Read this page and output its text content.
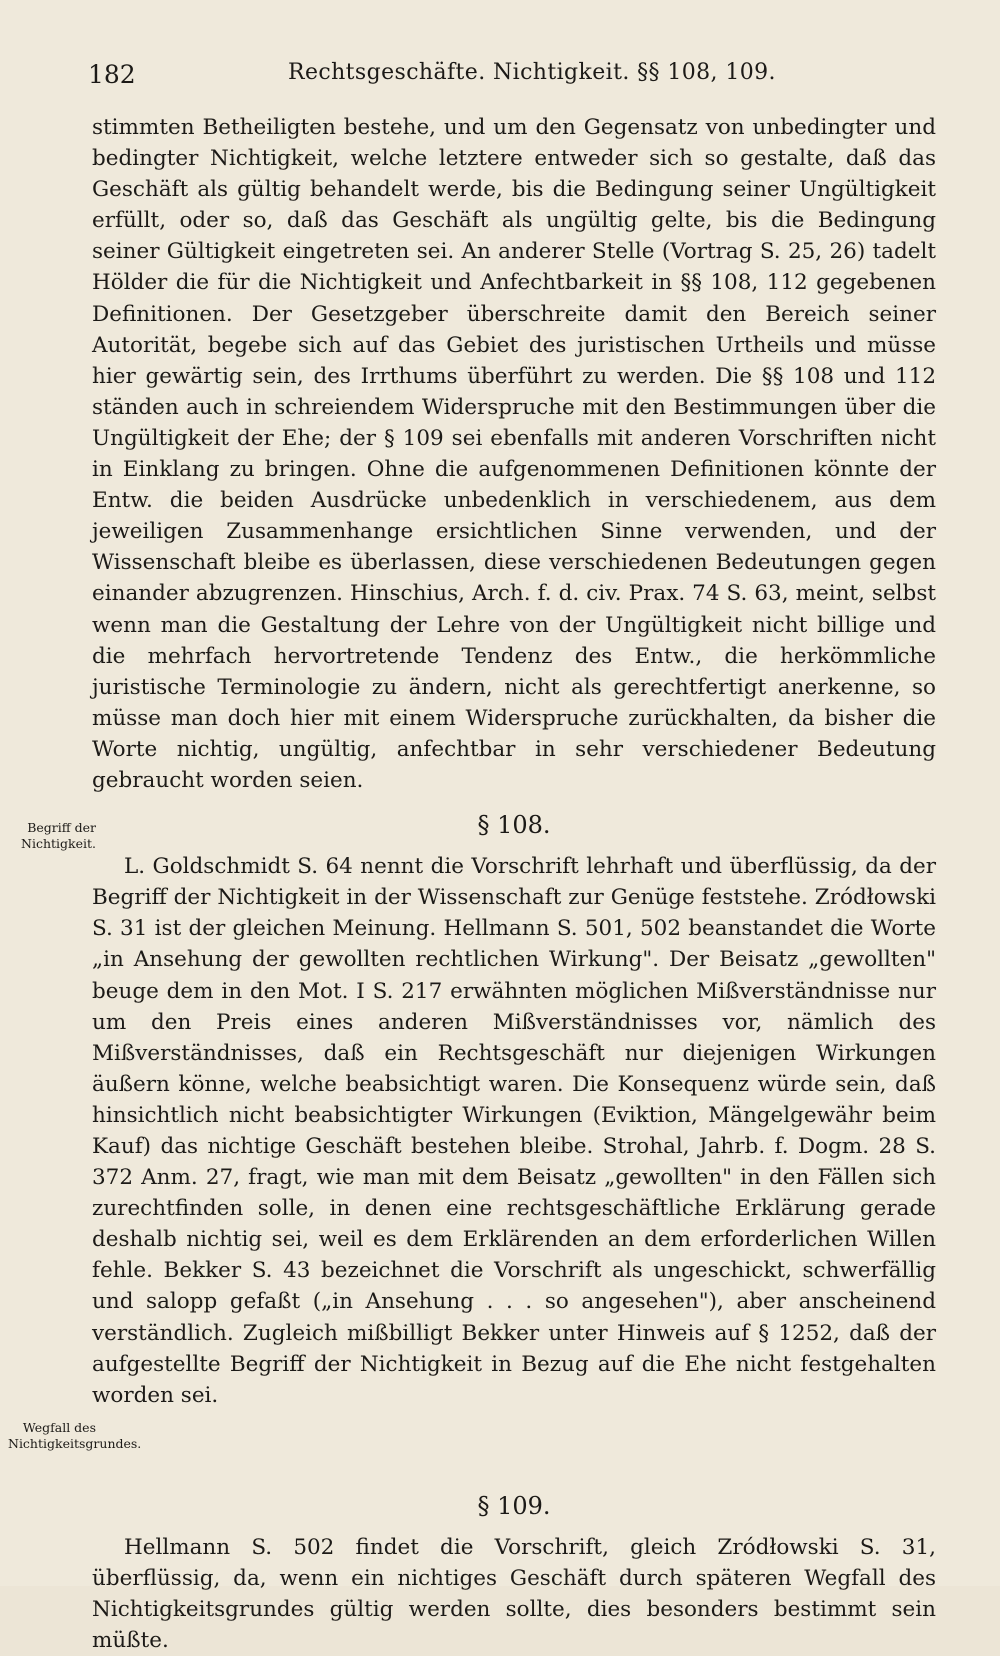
182	Rechtsgeschäfte. Nichtigkeit. §§ 108, 109.

stimmten Betheiligten bestehe, und um den Gegensatz von unbedingter und bedingter Nichtigkeit, welche letztere entweder sich so gestalte, daß das Geschäft als gültig behandelt werde, bis die Bedingung seiner Ungültigkeit erfüllt, oder so, daß das Geschäft als ungültig gelte, bis die Bedingung seiner Gültigkeit eingetreten sei. An anderer Stelle (Vortrag S. 25, 26) tadelt Hölder die für die Nichtigkeit und Anfechtbarkeit in §§ 108, 112 gegebenen Definitionen. Der Gesetzgeber überschreite damit den Bereich seiner Autorität, begebe sich auf das Gebiet des juristischen Urtheils und müsse hier gewärtig sein, des Irrthums überführt zu werden. Die §§ 108 und 112 ständen auch in schreiendem Widerspruche mit den Bestimmungen über die Ungültigkeit der Ehe; der § 109 sei ebenfalls mit anderen Vorschriften nicht in Einklang zu bringen. Ohne die aufgenommenen Definitionen könnte der Entw. die beiden Ausdrücke unbedenklich in verschiedenem, aus dem jeweiligen Zusammenhange ersichtlichen Sinne verwenden, und der Wissenschaft bleibe es überlassen, diese verschiedenen Bedeutungen gegen einander abzugrenzen. Hinschius, Arch. f. d. civ. Prax. 74 S. 63, meint, selbst wenn man die Gestaltung der Lehre von der Ungültigkeit nicht billige und die mehrfach hervortretende Tendenz des Entw., die herkömmliche juristische Terminologie zu ändern, nicht als gerechtfertigt anerkenne, so müsse man doch hier mit einem Widerspruche zurückhalten, da bisher die Worte nichtig, ungültig, anfechtbar in sehr verschiedener Bedeutung gebraucht worden seien.

§ 108.

L. Goldschmidt S. 64 nennt die Vorschrift lehrhaft und überflüssig, da der Begriff der Nichtigkeit in der Wissenschaft zur Genüge feststehe. Zródłowski S. 31 ist der gleichen Meinung. Hellmann S. 501, 502 beanstandet die Worte „in Ansehung der gewollten rechtlichen Wirkung". Der Beisatz „gewollten" beuge dem in den Mot. I S. 217 erwähnten möglichen Mißverständnisse nur um den Preis eines anderen Mißverständnisses vor, nämlich des Mißverständnisses, daß ein Rechtsgeschäft nur diejenigen Wirkungen äußern könne, welche beabsichtigt waren. Die Konsequenz würde sein, daß hinsichtlich nicht beabsichtigter Wirkungen (Eviktion, Mängelgewähr beim Kauf) das nichtige Geschäft bestehen bleibe. Strohal, Jahrb. f. Dogm. 28 S. 372 Anm. 27, fragt, wie man mit dem Beisatz „gewollten" in den Fällen sich zurechtfinden solle, in denen eine rechtsgeschäftliche Erklärung gerade deshalb nichtig sei, weil es dem Erklärenden an dem erforderlichen Willen fehle. Bekker S. 43 bezeichnet die Vorschrift als ungeschickt, schwerfällig und salopp gefaßt („in Ansehung . . . so angesehen"), aber anscheinend verständlich. Zugleich mißbilligt Bekker unter Hinweis auf § 1252, daß der aufgestellte Begriff der Nichtigkeit in Bezug auf die Ehe nicht festgehalten worden sei.

§ 109.

Hellmann S. 502 findet die Vorschrift, gleich Zródłowski S. 31, überflüssig, da, wenn ein nichtiges Geschäft durch späteren Wegfall des Nichtigkeitsgrundes gültig werden sollte, dies besonders bestimmt sein müßte.

Begriff der Nichtigkeit.
Wegfall des Nichtigkeitsgrundes.
